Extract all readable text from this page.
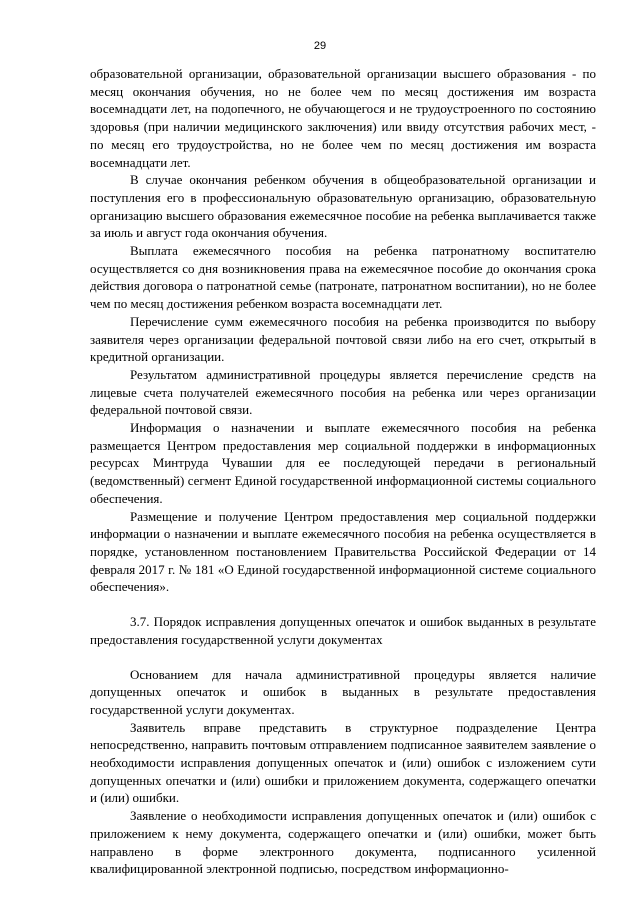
29

образовательной организации, образовательной организации высшего образования - по месяц окончания обучения, но не более чем по месяц достижения им возраста восемнадцати лет, на подопечного, не обучающегося и не трудоустроенного по состоянию здоровья (при наличии медицинского заключения) или ввиду отсутствия рабочих мест, - по месяц его трудоустройства, но не более чем по месяц достижения им возраста восемнадцати лет.

В случае окончания ребенком обучения в общеобразовательной организации и поступления его в профессиональную образовательную организацию, образовательную организацию высшего образования ежемесячное пособие на ребенка выплачивается также за июль и август года окончания обучения.

Выплата ежемесячного пособия на ребенка патронатному воспитателю осуществляется со дня возникновения права на ежемесячное пособие до окончания срока действия договора о патронатной семье (патронате, патронатном воспитании), но не более чем по месяц достижения ребенком возраста восемнадцати лет.

Перечисление сумм ежемесячного пособия на ребенка производится по выбору заявителя через организации федеральной почтовой связи либо на его счет, открытый в кредитной организации.

Результатом административной процедуры является перечисление средств на лицевые счета получателей ежемесячного пособия на ребенка или через организации федеральной почтовой связи.

Информация о назначении и выплате ежемесячного пособия на ребенка размещается Центром предоставления мер социальной поддержки в информационных ресурсах Минтруда Чувашии для ее последующей передачи в региональный (ведомственный) сегмент Единой государственной информационной системы социального обеспечения.

Размещение и получение Центром предоставления мер социальной поддержки информации о назначении и выплате ежемесячного пособия на ребенка осуществляется в порядке, установленном постановлением Правительства Российской Федерации от 14 февраля 2017 г. № 181 «О Единой государственной информационной системе социального обеспечения».

3.7. Порядок исправления допущенных опечаток и ошибок выданных в результате предоставления государственной услуги документах

Основанием для начала административной процедуры является наличие допущенных опечаток и ошибок в выданных в результате предоставления государственной услуги документах.

Заявитель вправе представить в структурное подразделение Центра непосредственно, направить почтовым отправлением подписанное заявителем заявление о необходимости исправления допущенных опечаток и (или) ошибок с изложением сути допущенных опечатки и (или) ошибки и приложением документа, содержащего опечатки и (или) ошибки.

Заявление о необходимости исправления допущенных опечаток и (или) ошибок с приложением к нему документа, содержащего опечатки и (или) ошибки, может быть направлено в форме электронного документа, подписанного усиленной квалифицированной электронной подписью, посредством информационно-
